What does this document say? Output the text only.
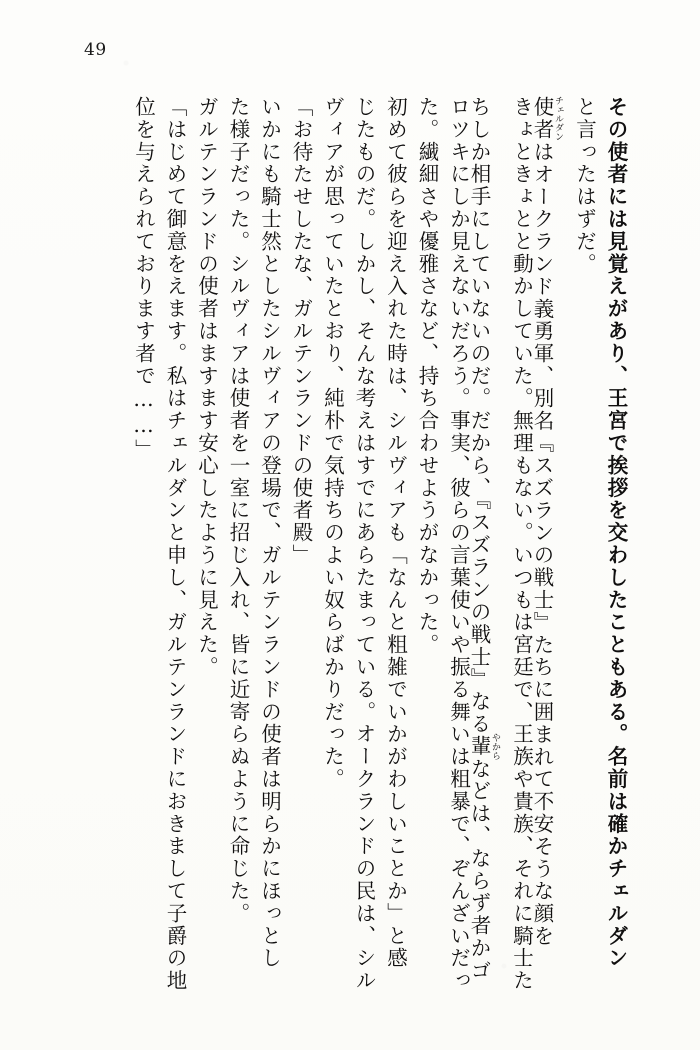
49
その使者には見覚えがあり、王宮で挨拶を交わしたこともある。名前は確かチェルダン
と言ったはずだ。
使者 チェルダンはオークランド義勇軍、別名『スズランの戦士』たちに囲まれて不安そうな顔を
きょときょとと動かしていた。無理もない。いつもは宮廷で、王族や貴族、それに騎士た
ちしか相手にしていないのだ。だから、『スズランの戦士』なる輩 やからなどは、ならず者かゴ
ロツキにしか見えないだろう。事実、彼らの言葉使いや振る舞いは粗暴で、ぞんざいだっ
た。繊細さや優雅さなど、持ち合わせようがなかった。
初めて彼らを迎え入れた時は、シルヴィアも「なんと粗雑でいかがわしいことか」と感
じたものだ。しかし、そんな考えはすでにあらたまっている。オークランドの民は、シル
ヴィアが思っていたとおり、純朴で気持ちのよい奴らばかりだった。
「お待たせしたな、ガルテンランドの使者殿」
いかにも騎士然としたシルヴィアの登場で、ガルテンランドの使者は明らかにほっとし
た様子だった。シルヴィアは使者を一室に招じ入れ、皆に近寄らぬように命じた。
ガルテンランドの使者はますます安心したように見えた。
「はじめて御意をえます。私はチェルダンと申し、ガルテンランドにおきまして子爵の地
位を与えられております者で……」
